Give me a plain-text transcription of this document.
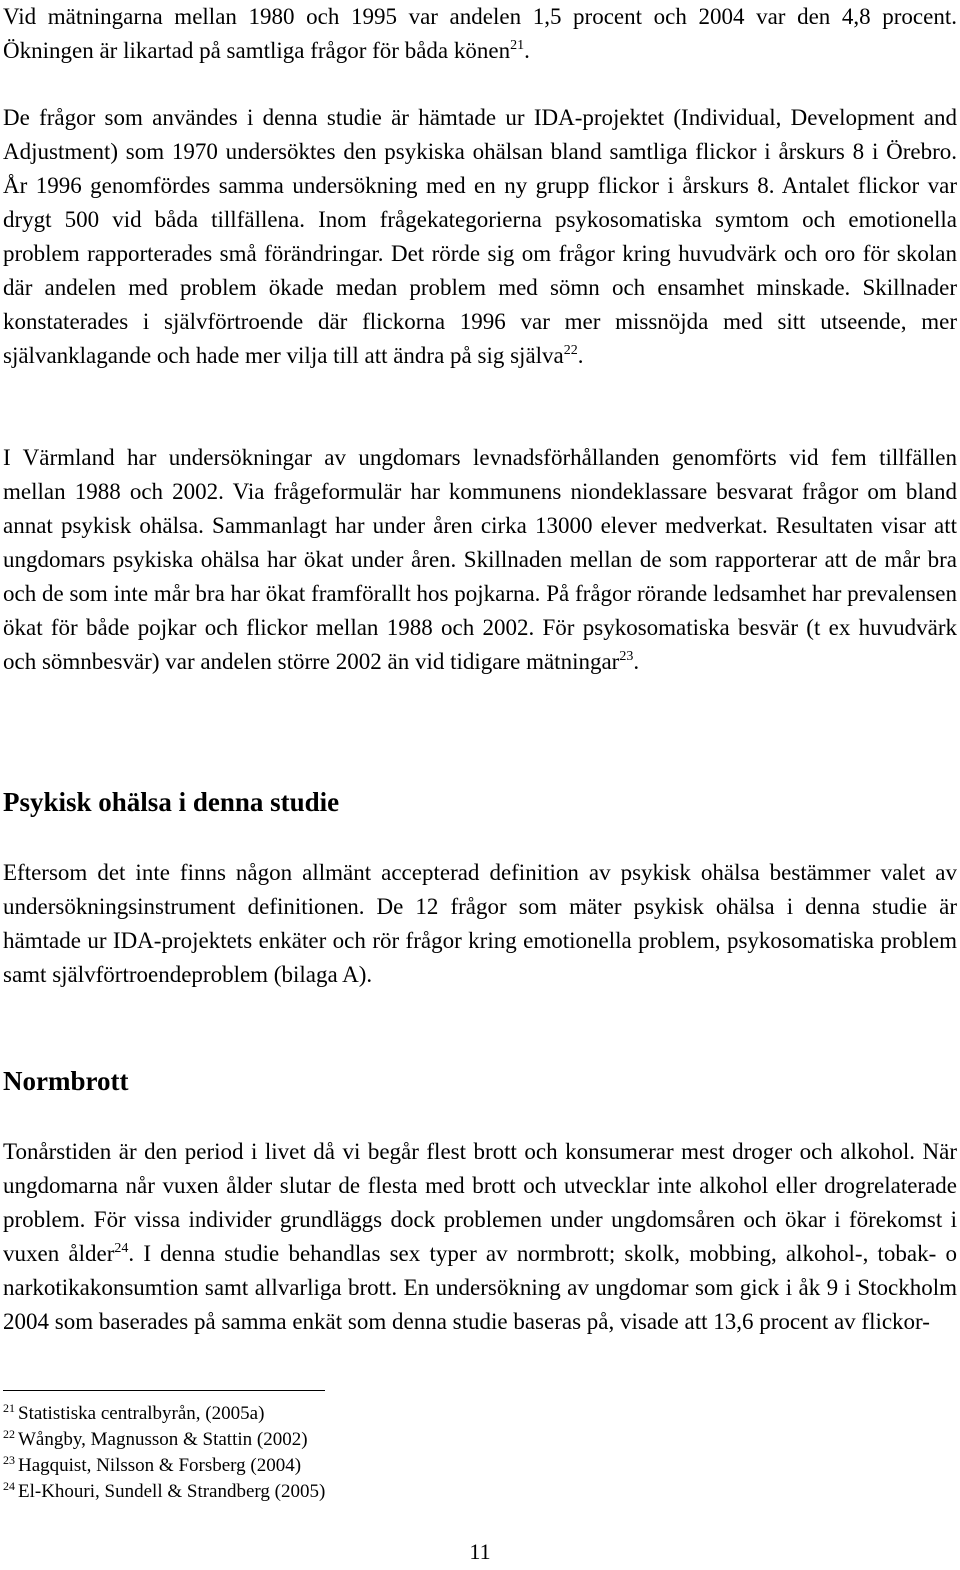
Vid mätningarna mellan 1980 och 1995 var andelen 1,5 procent och 2004 var den 4,8 procent. Ökningen är likartad på samtliga frågor för båda könen$^{21}$.
De frågor som användes i denna studie är hämtade ur IDA-projektet (Individual, Development and Adjustment) som 1970 undersöktes den psykiska ohälsan bland samtliga flickor i årskurs 8 i Örebro. År 1996 genomfördes samma undersökning med en ny grupp flickor i årskurs 8. Antalet flickor var drygt 500 vid båda tillfällena. Inom frågekategorierna psykosomatiska symtom och emotionella problem rapporterades små förändringar. Det rörde sig om frågor kring huvudvärk och oro för skolan där andelen med problem ökade medan problem med sömn och ensamhet minskade. Skillnader konstaterades i självförtroende där flickorna 1996 var mer missnöjda med sitt utseende, mer självanklagande och hade mer vilja till att ändra på sig själva$^{22}$.
I Värmland har undersökningar av ungdomars levnadsförhållanden genomförts vid fem tillfällen mellan 1988 och 2002. Via frågeformulär har kommunens niondeklassare besvarat frågor om bland annat psykisk ohälsa. Sammanlagt har under åren cirka 13000 elever medverkat. Resultaten visar att ungdomars psykiska ohälsa har ökat under åren. Skillnaden mellan de som rapporterar att de mår bra och de som inte mår bra har ökat framförallt hos pojkarna. På frågor rörande ledsamhet har prevalensen ökat för både pojkar och flickor mellan 1988 och 2002. För psykosomatiska besvär (t ex huvudvärk och sömnbesvär) var andelen större 2002 än vid tidigare mätningar$^{23}$.
Psykisk ohälsa i denna studie
Eftersom det inte finns någon allmänt accepterad definition av psykisk ohälsa bestämmer valet av undersökningsinstrument definitionen. De 12 frågor som mäter psykisk ohälsa i denna studie är hämtade ur IDA-projektets enkäter och rör frågor kring emotionella problem, psykosomatiska problem samt självförtroendeproblem (bilaga A).
Normbrott
Tonårstiden är den period i livet då vi begår flest brott och konsumerar mest droger och alkohol. När ungdomarna når vuxen ålder slutar de flesta med brott och utvecklar inte alkohol eller drogrelaterade problem. För vissa individer grundläggs dock problemen under ungdomsåren och ökar i förekomst i vuxen ålder$^{24}$. I denna studie behandlas sex typer av normbrott; skolk, mobbing, alkohol-, tobak- o narkotikakonsumtion samt allvarliga brott. En undersökning av ungdomar som gick i åk 9 i Stockholm 2004 som baserades på samma enkät som denna studie baseras på, visade att 13,6 procent av flickor-
$^{21}$ Statistiska centralbyrån, (2005a)
$^{22}$ Wångby, Magnusson & Stattin (2002)
$^{23}$ Hagquist, Nilsson & Forsberg (2004)
$^{24}$ El-Khouri, Sundell & Strandberg (2005)
11
